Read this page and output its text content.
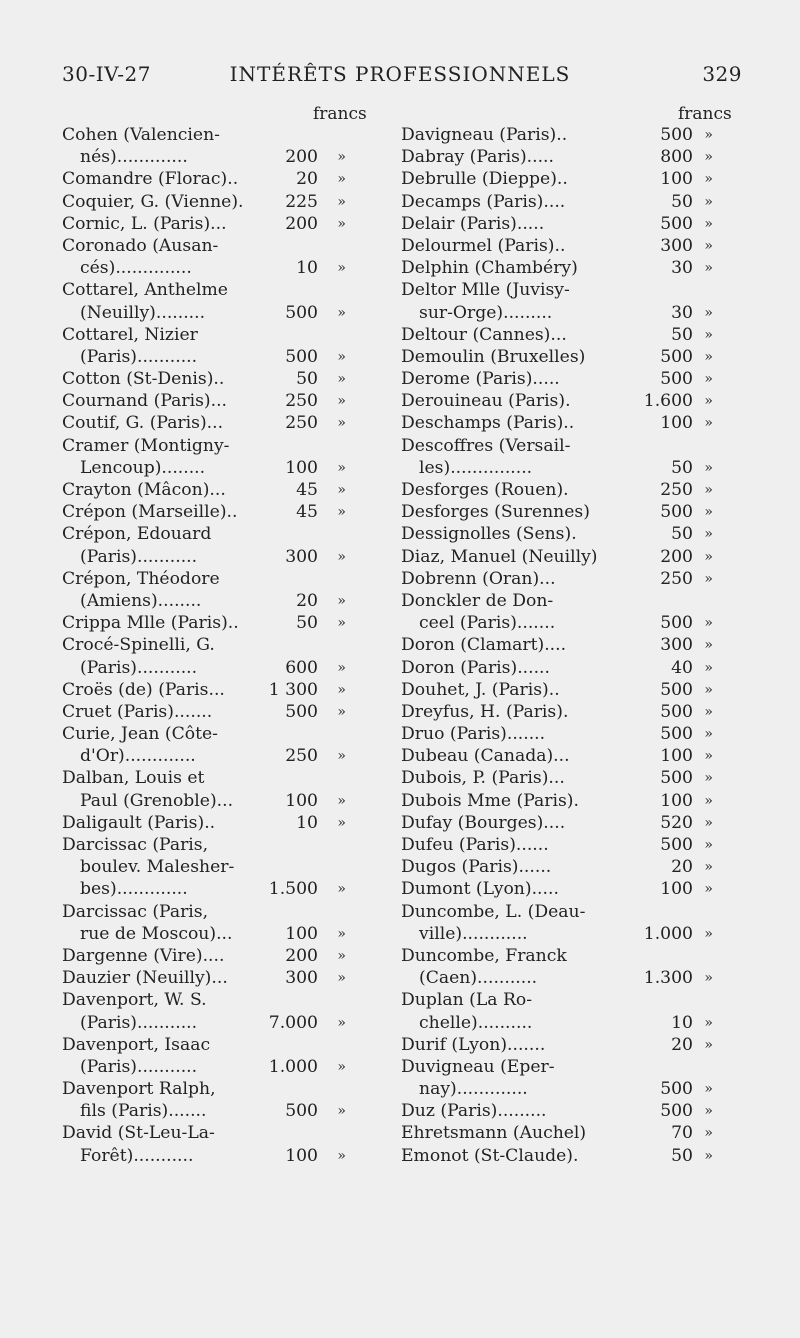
30-IV-27	INTÉRÊTS PROFESSIONNELS	329
francs	francs
Cohen (Valencien-
nés).............	200 »
Comandre (Florac)..	20 »
Coquier, G. (Vienne). 225 »
Cornic, L. (Paris)...	200 »
Coronado (Ausan-
cés)..............	10 »
Cottarel, Anthelme
(Neuilly).........	500 »
Cottarel, Nizier
(Paris)...........	500 »
Cotton (St-Denis)..	50 »
Cournand (Paris)...	250 »
Coutif, G. (Paris)...	250 »
Cramer (Montigny-
Lencoup)........	100 »
Crayton (Mâcon)...	45 »
Crépon (Marseille)..	45 »
Crépon, Edouard
(Paris)...........	300 »
Crépon, Théodore
(Amiens)........	20 »
Crippa Mlle (Paris)..	50 »
Crocé-Spinelli, G.
(Paris)...........	600 »
Croës (de) (Paris...	1 300 »
Cruet (Paris).......	500 »
Curie, Jean (Côte-
d'Or).............	250 »
Dalban, Louis et
Paul (Grenoble)...	100 »
Daligault (Paris)..	10 »
Darcissac (Paris,
boulev. Malesher-
bes).............	1.500 »
Darcissac (Paris,
rue de Moscou)...	100 »
Dargenne (Vire)....	200 »
Dauzier (Neuilly)...	300 »
Davenport, W. S.
(Paris)...........	7.000 »
Davenport, Isaac
(Paris)...........	1.000 »
Davenport Ralph,
fils (Paris).......	500 »
David (St-Leu-La-
Forêt)...........	100 »
Davigneau (Paris)..	500 »
Dabray (Paris).....	800 »
Debrulle (Dieppe)..	100 »
Decamps (Paris)....	50 »
Delair (Paris).....	500 »
Delourmel (Paris)..	300 »
Delphin (Chambéry)	30 »
Deltor Mlle (Juvisy-
sur-Orge).........	30 »
Deltour (Cannes)...	50 »
Demoulin (Bruxelles)	500 »
Derome (Paris).....	500 »
Derouineau (Paris).	1.600 »
Deschamps (Paris)..	100 »
Descoffres (Versail-
les)...............	50 »
Desforges (Rouen).	250 »
Desforges (Surennes)	500 »
Dessignolles (Sens).	50 »
Diaz, Manuel (Neuilly)	200 »
Dobrenn (Oran)...	250 »
Donckler de Don-
ceel (Paris).......	500 »
Doron (Clamart)....	300 »
Doron (Paris)......	40 »
Douhet, J. (Paris)..	500 »
Dreyfus, H. (Paris).	500 »
Druo (Paris).......	500 »
Dubeau (Canada)...	100 »
Dubois, P. (Paris)...	500 »
Dubois Mme (Paris).	100 »
Dufay (Bourges)....	520 »
Dufeu (Paris)......	500 »
Dugos (Paris)......	20 »
Dumont (Lyon).....	100 »
Duncombe, L. (Deau-
ville)............	1.000 »
Duncombe, Franck
(Caen)...........	1.300 »
Duplan (La Ro-
chelle)..........	10 »
Durif (Lyon).......	20 »
Duvigneau (Eper-
nay).............	500 »
Duz (Paris).........	500 »
Ehretsmann (Auchel)	70 »
Emonot (St-Claude).	50 »
